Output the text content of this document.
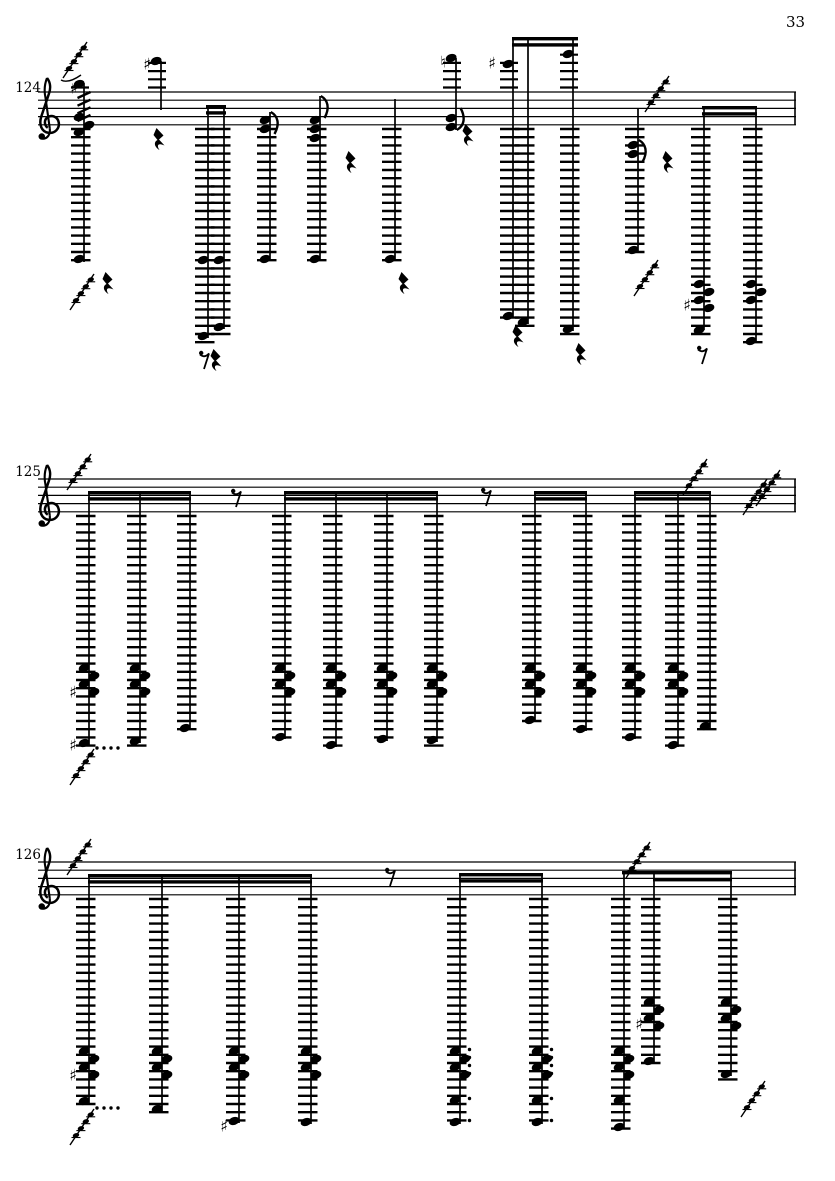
33
124 ♯
♯	♮	♯
♯
125
♯
♯
126
♯
♯
♯
